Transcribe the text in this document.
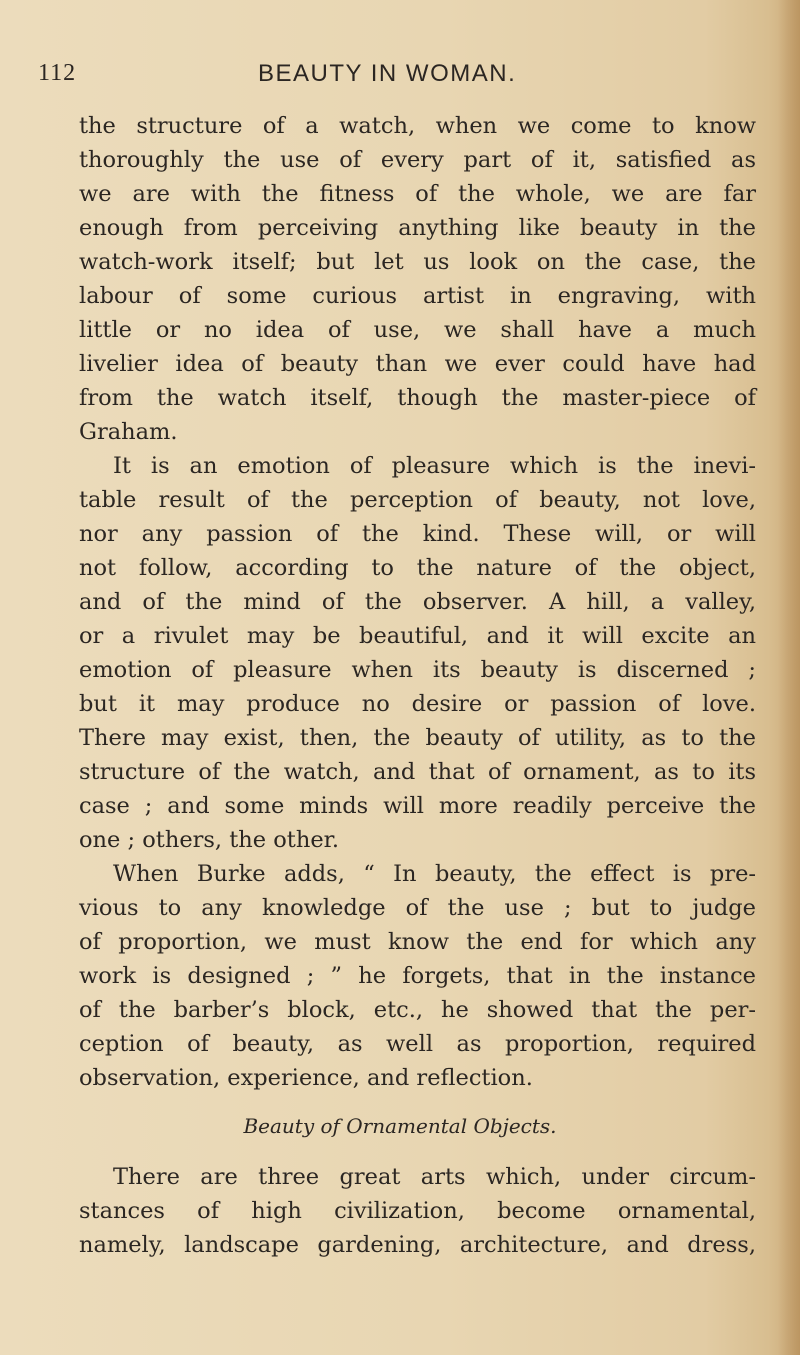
112	BEAUTY IN WOMAN.
the structure of a watch, when we come to know
thoroughly the use of every part of it, satisfied as
we are with the fitness of the whole, we are far
enough from perceiving anything like beauty in the
watch-work itself; but let us look on the case, the
labour of some curious artist in engraving, with
little or no idea of use, we shall have a much
livelier idea of beauty than we ever could have had
from the watch itself, though the master-piece of
Graham.
It is an emotion of pleasure which is the inevi-
table result of the perception of beauty, not love,
nor any passion of the kind. These will, or will
not follow, according to the nature of the object,
and of the mind of the observer. A hill, a valley,
or a rivulet may be beautiful, and it will excite an
emotion of pleasure when its beauty is discerned ;
but it may produce no desire or passion of love.
There may exist, then, the beauty of utility, as to the
structure of the watch, and that of ornament, as to its
case ; and some minds will more readily perceive the
one ; others, the other.
When Burke adds, “ In beauty, the effect is pre-
vious to any knowledge of the use ; but to judge
of proportion, we must know the end for which any
work is designed ; ” he forgets, that in the instance
of the barber’s block, etc., he showed that the per-
ception of beauty, as well as proportion, required
observation, experience, and reflection.
Beauty of Ornamental Objects.
There are three great arts which, under circum-
stances of high civilization, become ornamental,
namely, landscape gardening, architecture, and dress,
